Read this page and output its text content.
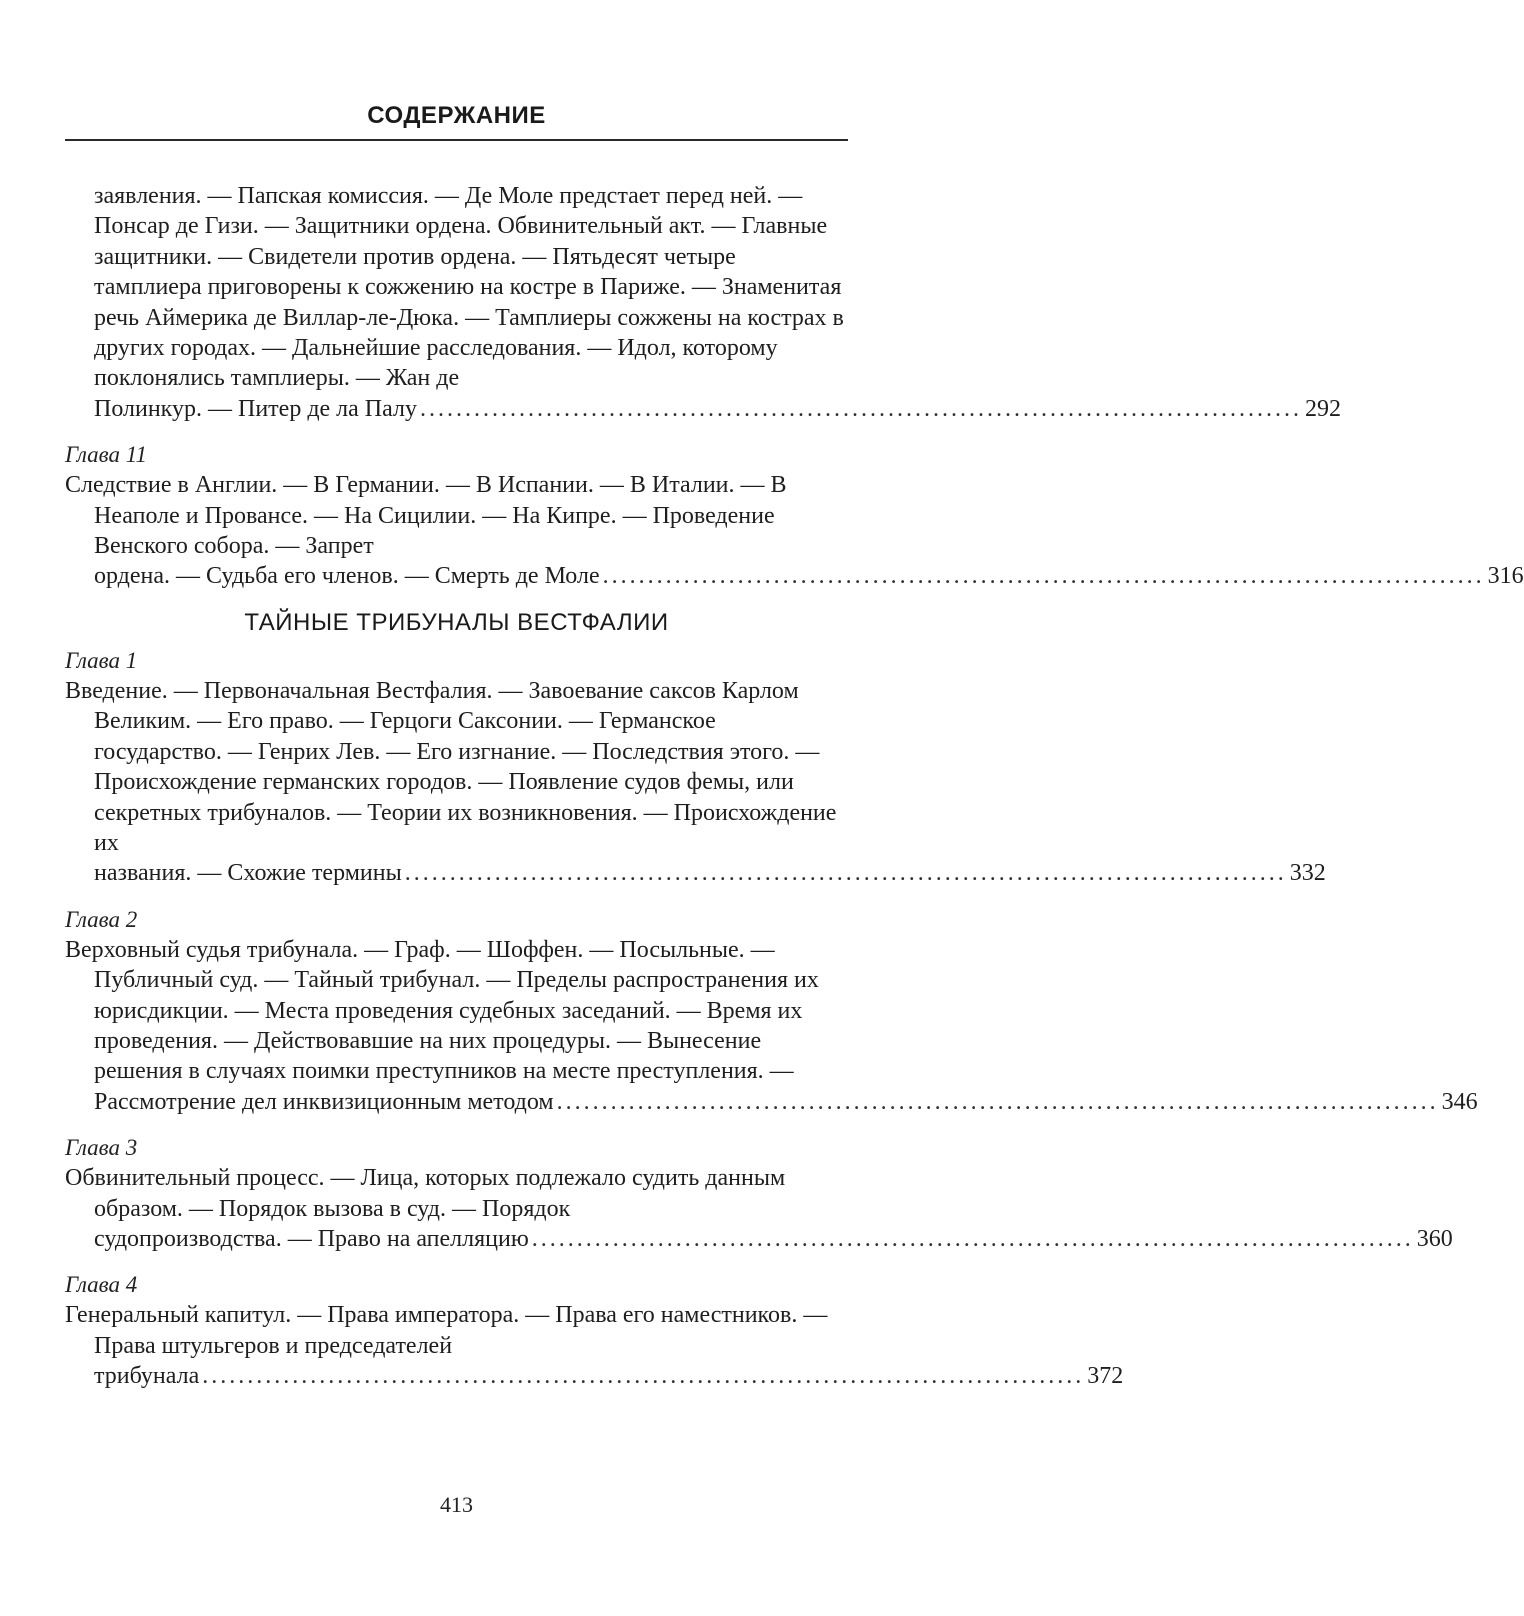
СОДЕРЖАНИЕ
заявления. — Папская комиссия. — Де Моле предстает перед ней. — Понсар де Гизи. — Защитники ордена. Обвинительный акт. — Главные защитники. — Свидетели против ордена. — Пятьдесят четыре тамплиера приговорены к сожжению на костре в Париже. — Знаменитая речь Аймерика де Виллар-ле-Дюка. — Тамплиеры сожжены на кострах в других городах. — Дальнейшие расследования. — Идол, которому поклонялись тамплиеры. — Жан де
Полинкур. — Питер де ла Палу .................................................................................................. 292
Глава 11
Следствие в Англии. — В Германии. — В Испании. — В Италии. — В Неаполе и Провансе. — На Сицилии. — На Кипре. — Проведение Венского собора. — Запрет
ордена. — Судьба его членов. — Смерть де Моле .................................................................................................. 316
ТАЙНЫЕ ТРИБУНАЛЫ ВЕСТФАЛИИ
Глава 1
Введение. — Первоначальная Вестфалия. — Завоевание саксов Карлом Великим. — Его право. — Герцоги Саксонии. — Германское государство. — Генрих Лев. — Его изгнание. — Последствия этого. — Происхождение германских городов. — Появление судов фемы, или секретных трибуналов. — Теории их возникновения. — Происхождение их
названия. — Схожие термины .................................................................................................. 332
Глава 2
Верховный судья трибунала. — Граф. — Шоффен. — Посыльные. — Публичный суд. — Тайный трибунал. — Пределы распространения их юрисдикции. — Места проведения судебных заседаний. — Время их проведения. — Действовавшие на них процедуры. — Вынесение решения в случаях поимки преступников на месте преступления. —
Рассмотрение дел инквизиционным методом .................................................................................................. 346
Глава 3
Обвинительный процесс. — Лица, которых подлежало судить данным образом. — Порядок вызова в суд. — Порядок
судопроизводства. — Право на апелляцию .................................................................................................. 360
Глава 4
Генеральный капитул. — Права императора. — Права его наместников. — Права штульгеров и председателей
трибунала .................................................................................................. 372
413
